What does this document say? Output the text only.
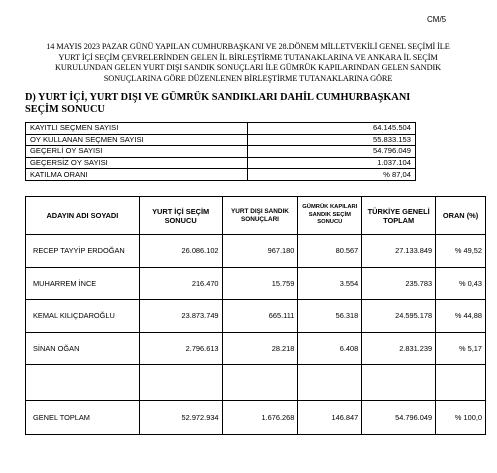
CM/5
14 MAYIS 2023 PAZAR GÜNÜ YAPILAN CUMHURBAŞKANI VE 28.DÖNEM MİLLETVEKİLİ GENEL SEÇİMİ İLE
YURT İÇİ SEÇİM ÇEVRELERİNDEN GELEN İL BİRLEŞTİRME TUTANAKLARINA VE ANKARA İL SEÇİM
KURULUNDAN GELEN YURT DIŞI SANDIK SONUÇLARI İLE GÜMRÜK KAPILARINDAN GELEN SANDIK
SONUÇLARINA GÖRE DÜZENLENEN BİRLEŞTİRME TUTANAKLARINA GÖRE
D) YURT İÇİ, YURT DIŞI VE GÜMRÜK SANDIKLARI DAHİL CUMHURBAŞKANI
SEÇİM SONUCU
KAYITLI SEÇMEN SAYISI	64.145.504
OY KULLANAN SEÇMEN SAYISI	55.833.153
GEÇERLİ OY SAYISI	54.796.049
GEÇERSİZ OY SAYISI	1.037.104
KATILMA ORANI	% 87,04
ADAYIN ADI SOYADI	YURT İÇİ SEÇİM SONUCU	YURT DIŞI SANDIK SONUÇLARI	GÜMRÜK KAPILARI SANDIK SEÇİM SONUCU	TÜRKİYE GENELİ TOPLAM	ORAN (%)
RECEP TAYYİP ERDOĞAN	26.086.102	967.180	80.567	27.133.849	% 49,52
MUHARREM İNCE	216.470	15.759	3.554	235.783	% 0,43
KEMAL KILIÇDAROĞLU	23.873.749	665.111	56.318	24.595.178	% 44,88
SİNAN OĞAN	2.796.613	28.218	6.408	2.831.239	% 5,17

GENEL TOPLAM	52.972.934	1.676.268	146.847	54.796.049	% 100,0
